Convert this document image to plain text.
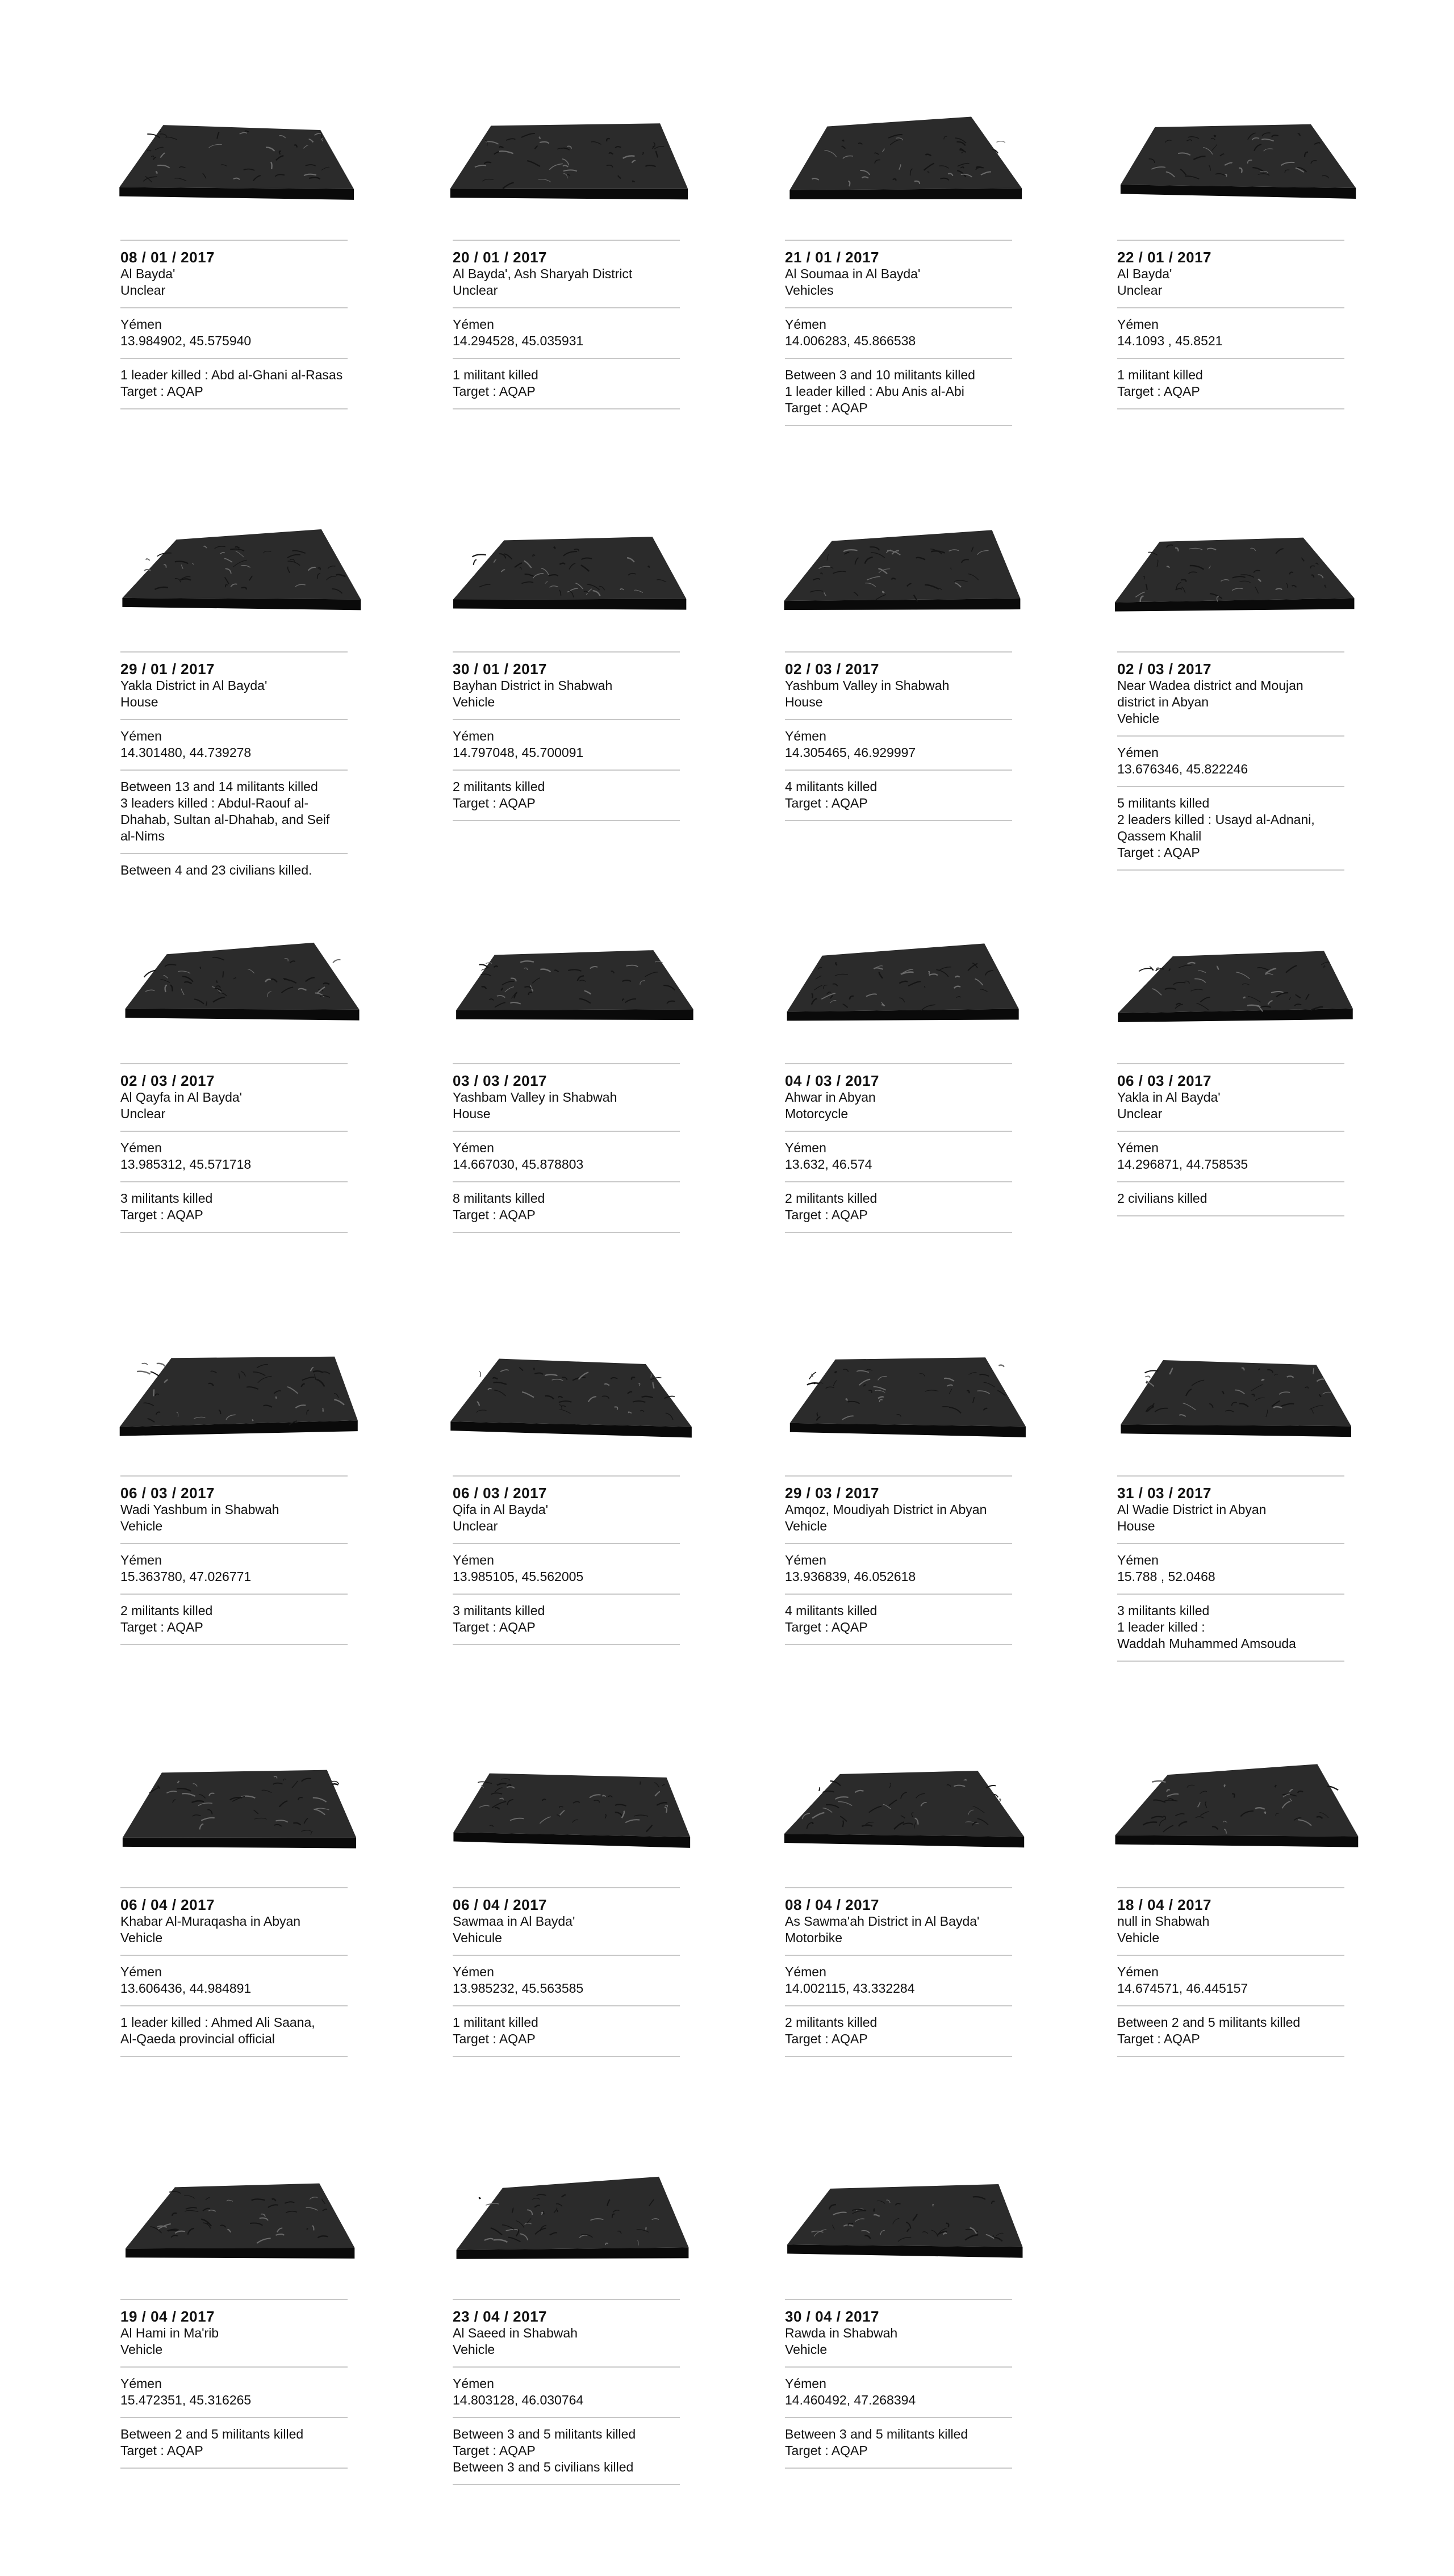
08 / 01 / 2017
Al Bayda'
Unclear
Yémen
13.984902, 45.575940
1 leader killed : Abd al-Ghani al-Rasas
Target : AQAP
20 / 01 / 2017
Al Bayda', Ash Sharyah District
Unclear
Yémen
14.294528, 45.035931
1 militant killed
Target : AQAP
21 / 01 / 2017
Al Soumaa in Al Bayda'
Vehicles
Yémen
14.006283, 45.866538
Between 3 and 10 militants killed
1 leader killed : Abu Anis al-Abi
Target : AQAP
22 / 01 / 2017
Al Bayda'
Unclear
Yémen
14.1093 , 45.8521
1 militant killed
Target : AQAP
29 / 01 / 2017
Yakla District in Al Bayda'
House
Yémen
14.301480, 44.739278
Between 13 and 14 militants killed
3 leaders killed : Abdul-Raouf al-Dhahab, Sultan al-Dhahab, and Seif al-Nims
Between 4 and 23 civilians killed.
30 / 01 / 2017
Bayhan District in Shabwah
Vehicle
Yémen
14.797048, 45.700091
2 militants killed
Target : AQAP
02 / 03 / 2017
Yashbum Valley in Shabwah
House
Yémen
14.305465, 46.929997
4 militants killed
Target : AQAP
02 / 03 / 2017
Near Wadea district and Moujan district in Abyan
Vehicle
Yémen
13.676346, 45.822246
5 militants killed
2 leaders killed : Usayd al-Adnani, Qassem Khalil
Target : AQAP
02 / 03 / 2017
Al Qayfa in Al Bayda'
Unclear
Yémen
13.985312, 45.571718
3 militants killed
Target : AQAP
03 / 03 / 2017
Yashbam Valley in Shabwah
House
Yémen
14.667030, 45.878803
8 militants killed
Target : AQAP
04 / 03 / 2017
Ahwar in Abyan
Motorcycle
Yémen
13.632, 46.574
2 militants killed
Target : AQAP
06 / 03 / 2017
Yakla in Al Bayda'
Unclear
Yémen
14.296871, 44.758535
2 civilians killed
06 / 03 / 2017
Wadi Yashbum in Shabwah
Vehicle
Yémen
15.363780, 47.026771
2 militants killed
Target : AQAP
06 / 03 / 2017
Qifa in Al Bayda'
Unclear
Yémen
13.985105, 45.562005
3 militants killed
Target : AQAP
29 / 03 / 2017
Amqoz, Moudiyah District in Abyan
Vehicle
Yémen
13.936839, 46.052618
4 militants killed
Target : AQAP
31 / 03 / 2017
Al Wadie District in Abyan
House
Yémen
15.788 , 52.0468
3 militants killed
1 leader killed :
Waddah Muhammed Amsouda
06 / 04 / 2017
Khabar Al-Muraqasha in Abyan
Vehicle
Yémen
13.606436, 44.984891
1 leader killed : Ahmed Ali Saana,
Al-Qaeda provincial official
06 / 04 / 2017
Sawmaa in Al Bayda'
Vehicule
Yémen
13.985232, 45.563585
1 militant killed
Target : AQAP
08 / 04 / 2017
As Sawma'ah District in Al Bayda'
Motorbike
Yémen
14.002115, 43.332284
2 militants killed
Target : AQAP
18 / 04 / 2017
null in Shabwah
Vehicle
Yémen
14.674571, 46.445157
Between 2 and 5 militants killed
Target : AQAP
19 / 04 / 2017
Al Hami in Ma'rib
Vehicle
Yémen
15.472351, 45.316265
Between 2 and 5 militants killed
Target : AQAP
23 / 04 / 2017
Al Saeed in Shabwah
Vehicle
Yémen
14.803128, 46.030764
Between 3 and 5 militants killed
Target : AQAP
Between 3 and 5 civilians killed
30 / 04 / 2017
Rawda in Shabwah
Vehicle
Yémen
14.460492, 47.268394
Between 3 and 5 militants killed
Target : AQAP
